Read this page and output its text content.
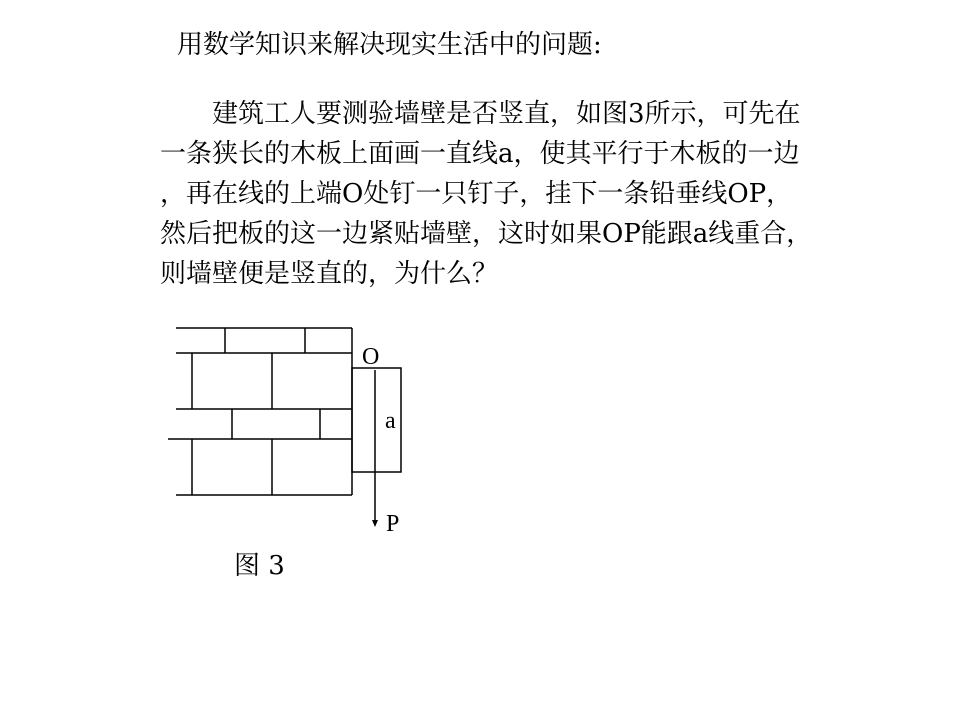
用数学知识来解决现实生活中的问题:
建筑工人要测验墙壁是否竖直，如图3所示，可先在
一条狭长的木板上面画一直线a，使其平行于木板的一边
，再在线的上端O处钉一只钉子，挂下一条铅垂线OP，
然后把板的这一边紧贴墙壁，这时如果OP能跟a线重合，
则墙壁便是竖直的，为什么？
O
a
P
图 3
